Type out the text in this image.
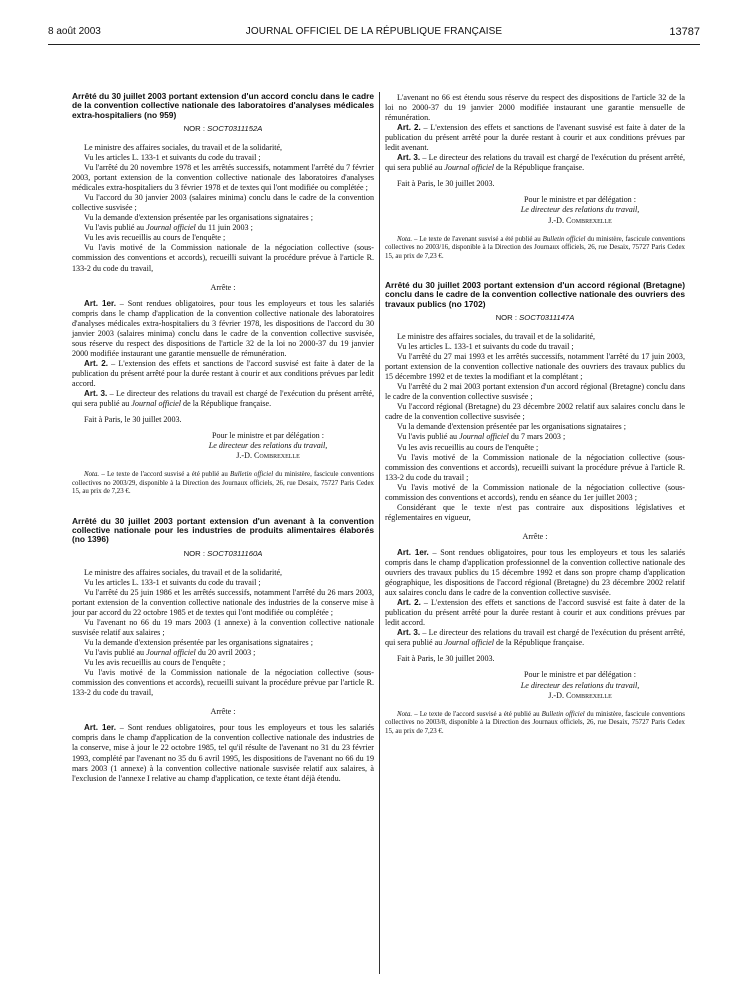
8 août 2003	JOURNAL OFFICIEL DE LA RÉPUBLIQUE FRANÇAISE	13787

Arrêté du 30 juillet 2003 portant extension d'un accord conclu dans le cadre de la convention collective nationale des laboratoires d'analyses médicales extra-hospitaliers (no 959)

NOR : SOCT0311152A

Le ministre des affaires sociales, du travail et de la solidarité,

Vu les articles L. 133-1 et suivants du code du travail ;

Vu l'arrêté du 20 novembre 1978 et les arrêtés successifs, notamment l'arrêté du 7 février 2003, portant extension de la convention collective nationale des laboratoires d'analyses médicales extra-hospitaliers du 3 février 1978 et de textes qui l'ont modifiée ou complétée ;

Vu l'accord du 30 janvier 2003 (salaires minima) conclu dans le cadre de la convention collective susvisée ;

Vu la demande d'extension présentée par les organisations signataires ;

Vu l'avis publié au Journal officiel du 11 juin 2003 ;

Vu les avis recueillis au cours de l'enquête ;

Vu l'avis motivé de la Commission nationale de la négociation collective (sous-commission des conventions et accords), recueilli suivant la procédure prévue à l'article R. 133-2 du code du travail,

Arrête :

Art. 1er. – Sont rendues obligatoires, pour tous les employeurs et tous les salariés compris dans le champ d'application de la convention collective nationale des laboratoires d'analyses médicales extra-hospitaliers du 3 février 1978, les dispositions de l'accord du 30 janvier 2003 (salaires minima) conclu dans le cadre de la convention collective susvisée, sous réserve du respect des dispositions de l'article 32 de la loi no 2000-37 du 19 janvier 2000 modifiée instaurant une garantie mensuelle de rémunération.

Art. 2. – L'extension des effets et sanctions de l'accord susvisé est faite à dater de la publication du présent arrêté pour la durée restant à courir et aux conditions prévues par ledit accord.

Art. 3. – Le directeur des relations du travail est chargé de l'exécution du présent arrêté, qui sera publié au Journal officiel de la République française.

Fait à Paris, le 30 juillet 2003.

Pour le ministre et par délégation :

Le directeur des relations du travail,

J.-D. Combrexelle

Nota. – Le texte de l'accord susvisé a été publié au Bulletin officiel du ministère, fascicule conventions collectives no 2003/29, disponible à la Direction des Journaux officiels, 26, rue Desaix, 75727 Paris Cedex 15, au prix de 7,23 €.

Arrêté du 30 juillet 2003 portant extension d'un avenant à la convention collective nationale pour les industries de produits alimentaires élaborés (no 1396)

NOR : SOCT0311160A

Le ministre des affaires sociales, du travail et de la solidarité,

Vu les articles L. 133-1 et suivants du code du travail ;

Vu l'arrêté du 25 juin 1986 et les arrêtés successifs, notamment l'arrêté du 26 mars 2003, portant extension de la convention collective nationale des industries de la conserve mise à jour par accord du 22 octobre 1985 et de textes qui l'ont modifiée ou complétée ;

Vu l'avenant no 66 du 19 mars 2003 (1 annexe) à la convention collective nationale susvisée relatif aux salaires ;

Vu la demande d'extension présentée par les organisations signataires ;

Vu l'avis publié au Journal officiel du 20 avril 2003 ;

Vu les avis recueillis au cours de l'enquête ;

Vu l'avis motivé de la Commission nationale de la négociation collective (sous-commission des conventions et accords), recueilli suivant la procédure prévue par l'article R. 133-2 du code du travail,

Arrête :

Art. 1er. – Sont rendues obligatoires, pour tous les employeurs et tous les salariés compris dans le champ d'application de la convention collective nationale des industries de la conserve, mise à jour le 22 octobre 1985, tel qu'il résulte de l'avenant no 31 du 23 février 1993, complété par l'avenant no 35 du 6 avril 1995, les dispositions de l'avenant no 66 du 19 mars 2003 (1 annexe) à la convention collective nationale susvisée relatif aux salaires, à l'exclusion de l'annexe I relative au champ d'application, ce texte étant déjà étendu.

L'avenant no 66 est étendu sous réserve du respect des dispositions de l'article 32 de la loi no 2000-37 du 19 janvier 2000 modifiée instaurant une garantie mensuelle de rémunération.

Art. 2. – L'extension des effets et sanctions de l'avenant susvisé est faite à dater de la publication du présent arrêté pour la durée restant à courir et aux conditions prévues par ledit avenant.

Art. 3. – Le directeur des relations du travail est chargé de l'exécution du présent arrêté, qui sera publié au Journal officiel de la République française.

Fait à Paris, le 30 juillet 2003.

Pour le ministre et par délégation :

Le directeur des relations du travail,

J.-D. Combrexelle

Nota. – Le texte de l'avenant susvisé a été publié au Bulletin officiel du ministère, fascicule conventions collectives no 2003/16, disponible à la Direction des Journaux officiels, 26, rue Desaix, 75727 Paris Cedex 15, au prix de 7,23 €.

Arrêté du 30 juillet 2003 portant extension d'un accord régional (Bretagne) conclu dans le cadre de la convention collective nationale des ouvriers des travaux publics (no 1702)

NOR : SOCT0311147A

Le ministre des affaires sociales, du travail et de la solidarité,

Vu les articles L. 133-1 et suivants du code du travail ;

Vu l'arrêté du 27 mai 1993 et les arrêtés successifs, notamment l'arrêté du 17 juin 2003, portant extension de la convention collective nationale des ouvriers des travaux publics du 15 décembre 1992 et de textes la modifiant et la complétant ;

Vu l'arrêté du 2 mai 2003 portant extension d'un accord régional (Bretagne) conclu dans le cadre de la convention collective susvisée ;

Vu l'accord régional (Bretagne) du 23 décembre 2002 relatif aux salaires conclu dans le cadre de la convention collective susvisée ;

Vu la demande d'extension présentée par les organisations signataires ;

Vu l'avis publié au Journal officiel du 7 mars 2003 ;

Vu les avis recueillis au cours de l'enquête ;

Vu l'avis motivé de la Commission nationale de la négociation collective (sous-commission des conventions et accords), recueilli suivant la procédure prévue à l'article R. 133-2 du code du travail ;

Vu l'avis motivé de la Commission nationale de la négociation collective (sous-commission des conventions et accords), rendu en séance du 1er juillet 2003 ;

Considérant que le texte n'est pas contraire aux dispositions législatives et réglementaires en vigueur,

Arrête :

Art. 1er. – Sont rendues obligatoires, pour tous les employeurs et tous les salariés compris dans le champ d'application professionnel de la convention collective nationale des ouvriers des travaux publics du 15 décembre 1992 et dans son propre champ d'application géographique, les dispositions de l'accord régional (Bretagne) du 23 décembre 2002 relatif aux salaires conclu dans le cadre de la convention collective susvisée.

Art. 2. – L'extension des effets et sanctions de l'accord susvisé est faite à dater de la publication du présent arrêté pour la durée restant à courir et aux conditions prévues par ledit accord.

Art. 3. – Le directeur des relations du travail est chargé de l'exécution du présent arrêté, qui sera publié au Journal officiel de la République française.

Fait à Paris, le 30 juillet 2003.

Pour le ministre et par délégation :

Le directeur des relations du travail,

J.-D. Combrexelle

Nota. – Le texte de l'accord susvisé a été publié au Bulletin officiel du ministère, fascicule conventions collectives no 2003/8, disponible à la Direction des Journaux officiels, 26, rue Desaix, 75727 Paris Cedex 15, au prix de 7,23 €.
